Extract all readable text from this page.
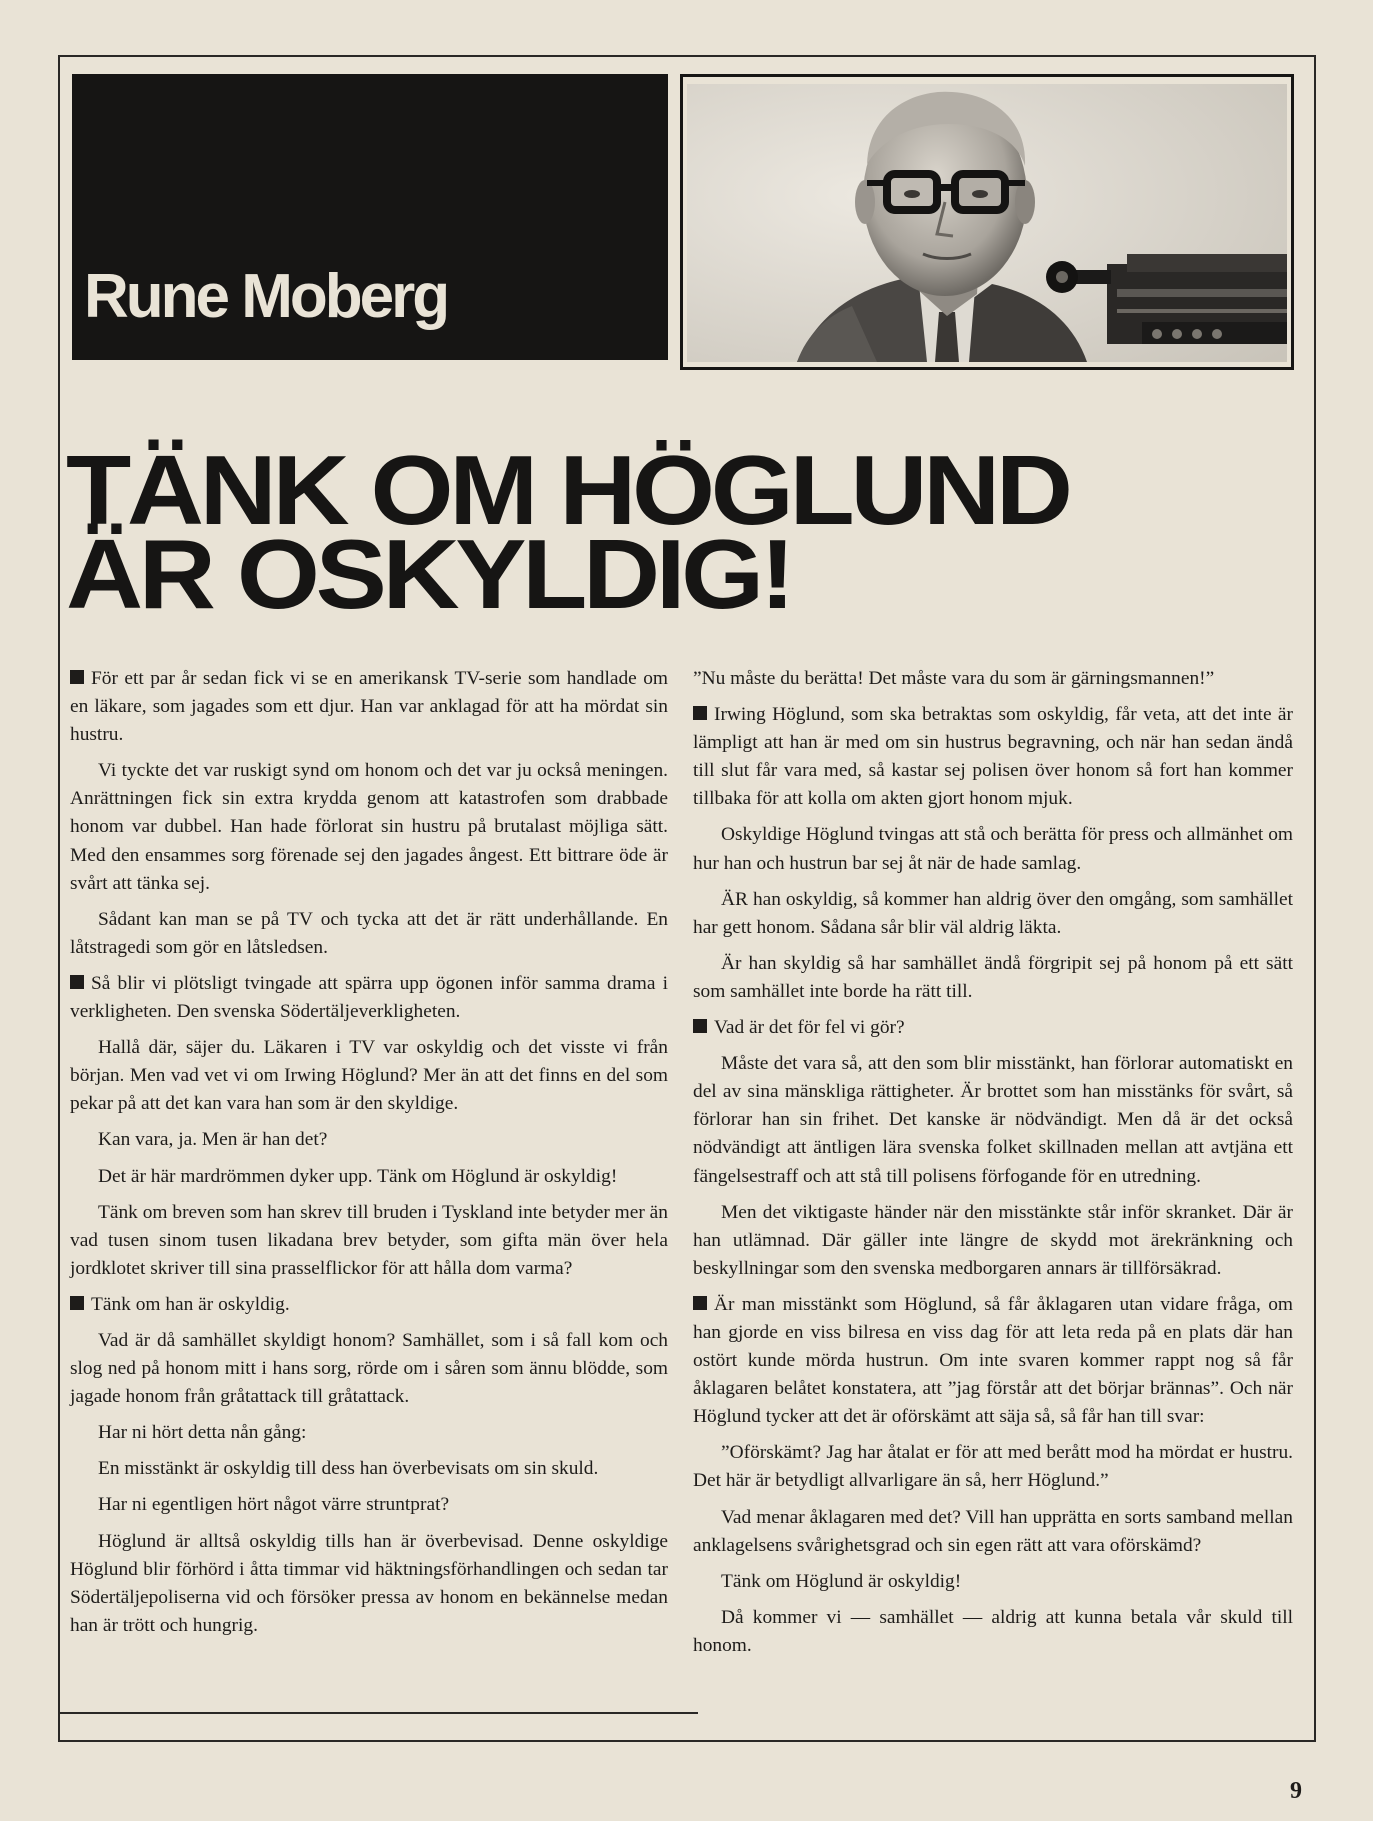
Rune Moberg
TÄNK OM HÖGLUND
ÄR OSKYLDIG!

För ett par år sedan fick vi se en amerikansk TV-serie som handlade om en läkare, som jagades som ett djur. Han var anklagad för att ha mördat sin hustru.

Vi tyckte det var ruskigt synd om honom och det var ju också meningen. Anrättningen fick sin extra krydda genom att katastrofen som drabbade honom var dubbel. Han hade förlorat sin hustru på brutalast möjliga sätt. Med den ensammes sorg förenade sej den jagades ångest. Ett bittrare öde är svårt att tänka sej.

Sådant kan man se på TV och tycka att det är rätt underhållande. En låtstragedi som gör en låtsledsen.

Så blir vi plötsligt tvingade att spärra upp ögonen inför samma drama i verkligheten. Den svenska Södertäljeverkligheten.

Hallå där, säjer du. Läkaren i TV var oskyldig och det visste vi från början. Men vad vet vi om Irwing Höglund? Mer än att det finns en del som pekar på att det kan vara han som är den skyldige.

Kan vara, ja. Men är han det?

Det är här mardrömmen dyker upp. Tänk om Höglund är oskyldig!

Tänk om breven som han skrev till bruden i Tyskland inte betyder mer än vad tusen sinom tusen likadana brev betyder, som gifta män över hela jordklotet skriver till sina prasselflickor för att hålla dom varma?

Tänk om han är oskyldig.

Vad är då samhället skyldigt honom? Samhället, som i så fall kom och slog ned på honom mitt i hans sorg, rörde om i såren som ännu blödde, som jagade honom från gråtattack till gråtattack.

Har ni hört detta nån gång:

En misstänkt är oskyldig till dess han överbevisats om sin skuld.

Har ni egentligen hört något värre struntprat?

Höglund är alltså oskyldig tills han är överbevisad. Denne oskyldige Höglund blir förhörd i åtta timmar vid häktningsförhandlingen och sedan tar Södertäljepoliserna vid och försöker pressa av honom en bekännelse medan han är trött och hungrig.

”Nu måste du berätta! Det måste vara du som är gärningsmannen!”

Irwing Höglund, som ska betraktas som oskyldig, får veta, att det inte är lämpligt att han är med om sin hustrus begravning, och när han sedan ändå till slut får vara med, så kastar sej polisen över honom så fort han kommer tillbaka för att kolla om akten gjort honom mjuk.

Oskyldige Höglund tvingas att stå och berätta för press och allmänhet om hur han och hustrun bar sej åt när de hade samlag.

ÄR han oskyldig, så kommer han aldrig över den omgång, som samhället har gett honom. Sådana sår blir väl aldrig läkta.

Är han skyldig så har samhället ändå förgripit sej på honom på ett sätt som samhället inte borde ha rätt till.

Vad är det för fel vi gör?

Måste det vara så, att den som blir misstänkt, han förlorar automatiskt en del av sina mänskliga rättigheter. Är brottet som han misstänks för svårt, så förlorar han sin frihet. Det kanske är nödvändigt. Men då är det också nödvändigt att äntligen lära svenska folket skillnaden mellan att avtjäna ett fängelsestraff och att stå till polisens förfogande för en utredning.

Men det viktigaste händer när den misstänkte står inför skranket. Där är han utlämnad. Där gäller inte längre de skydd mot ärekränkning och beskyllningar som den svenska medborgaren annars är tillförsäkrad.

Är man misstänkt som Höglund, så får åklagaren utan vidare fråga, om han gjorde en viss bilresa en viss dag för att leta reda på en plats där han ostört kunde mörda hustrun. Om inte svaren kommer rappt nog så får åklagaren belåtet konstatera, att ”jag förstår att det börjar brännas”. Och när Höglund tycker att det är oförskämt att säja så, så får han till svar:

”Oförskämt? Jag har åtalat er för att med berått mod ha mördat er hustru. Det här är betydligt allvarligare än så, herr Höglund.”

Vad menar åklagaren med det? Vill han upprätta en sorts samband mellan anklagelsens svårighetsgrad och sin egen rätt att vara oförskämd?

Tänk om Höglund är oskyldig!

Då kommer vi — samhället — aldrig att kunna betala vår skuld till honom.

9
